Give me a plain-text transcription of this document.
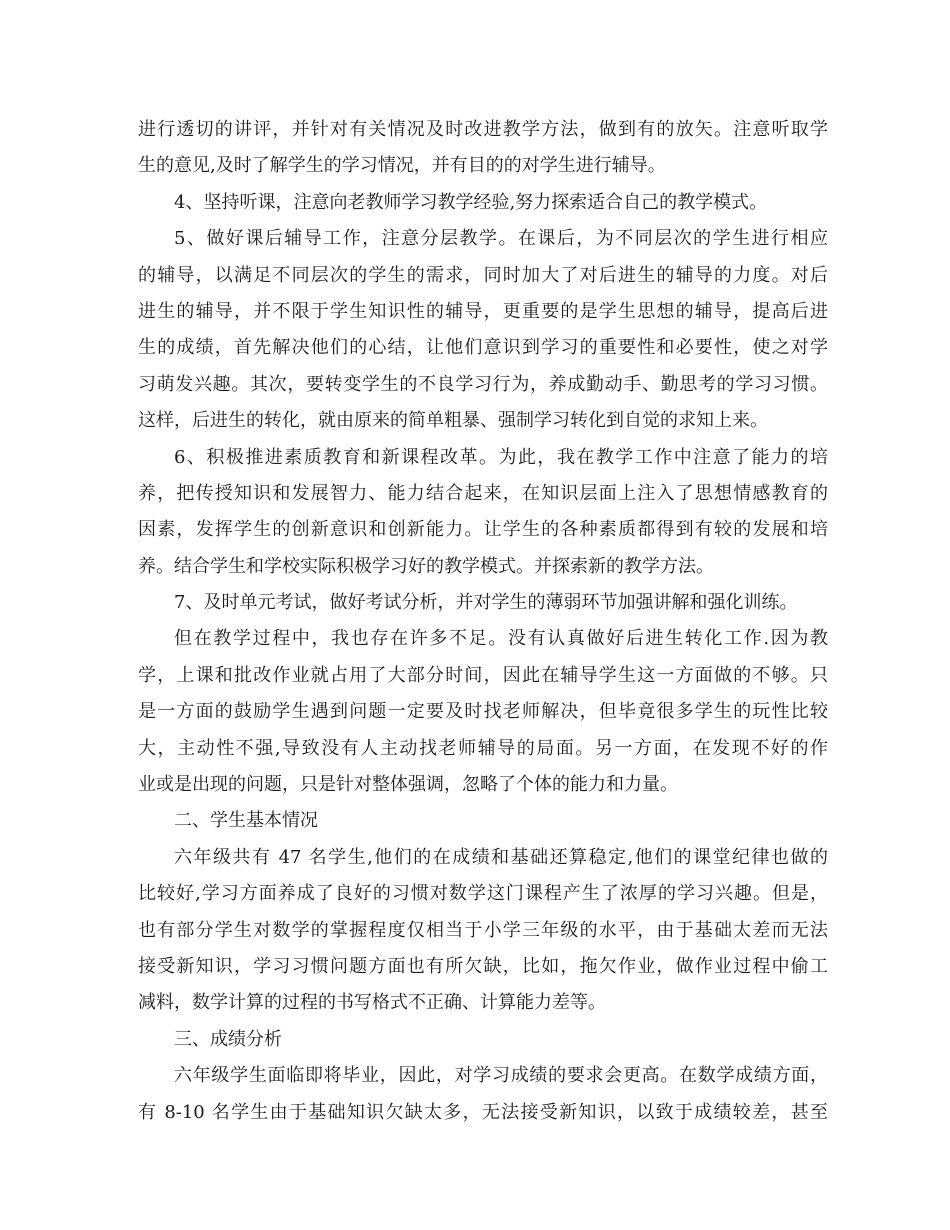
进行透切的讲评，并针对有关情况及时改进教学方法，做到有的放矢。注意听取学
生的意见,及时了解学生的学习情况，并有目的的对学生进行辅导。
4、坚持听课，注意向老教师学习教学经验,努力探索适合自己的教学模式。
5、做好课后辅导工作，注意分层教学。在课后，为不同层次的学生进行相应
的辅导，以满足不同层次的学生的需求，同时加大了对后进生的辅导的力度。对后
进生的辅导，并不限于学生知识性的辅导，更重要的是学生思想的辅导，提高后进
生的成绩，首先解决他们的心结，让他们意识到学习的重要性和必要性，使之对学
习萌发兴趣。其次，要转变学生的不良学习行为，养成勤动手、勤思考的学习习惯。
这样，后进生的转化，就由原来的简单粗暴、强制学习转化到自觉的求知上来。
6、积极推进素质教育和新课程改革。为此，我在教学工作中注意了能力的培
养，把传授知识和发展智力、能力结合起来，在知识层面上注入了思想情感教育的
因素，发挥学生的创新意识和创新能力。让学生的各种素质都得到有较的发展和培
养。结合学生和学校实际积极学习好的教学模式。并探索新的教学方法。
7、及时单元考试，做好考试分析，并对学生的薄弱环节加强讲解和强化训练。
但在教学过程中，我也存在许多不足。没有认真做好后进生转化工作.因为教
学，上课和批改作业就占用了大部分时间，因此在辅导学生这一方面做的不够。只
是一方面的鼓励学生遇到问题一定要及时找老师解决，但毕竟很多学生的玩性比较
大，主动性不强,导致没有人主动找老师辅导的局面。另一方面，在发现不好的作
业或是出现的问题，只是针对整体强调，忽略了个体的能力和力量。
二、学生基本情况
六年级共有 47 名学生,他们的在成绩和基础还算稳定,他们的课堂纪律也做的
比较好,学习方面养成了良好的习惯对数学这门课程产生了浓厚的学习兴趣。但是，
也有部分学生对数学的掌握程度仅相当于小学三年级的水平，由于基础太差而无法
接受新知识，学习习惯问题方面也有所欠缺，比如，拖欠作业，做作业过程中偷工
减料，数学计算的过程的书写格式不正确、计算能力差等。
三、成绩分析
六年级学生面临即将毕业，因此，对学习成绩的要求会更高。在数学成绩方面，
有 8-10 名学生由于基础知识欠缺太多，无法接受新知识，以致于成绩较差，甚至
